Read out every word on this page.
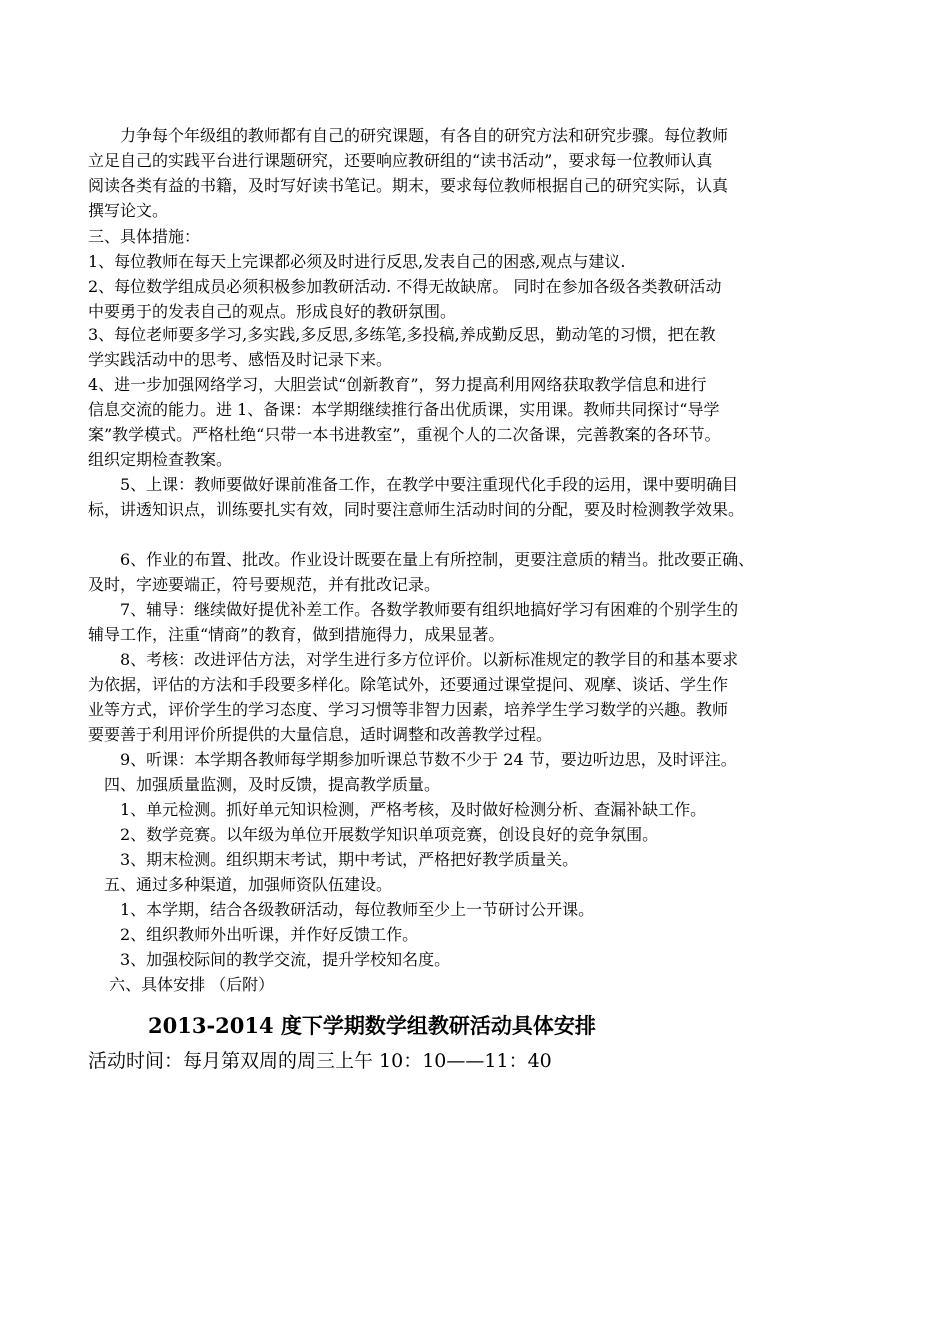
　　力争每个年级组的教师都有自己的研究课题，有各自的研究方法和研究步骤。每位教师
立足自己的实践平台进行课题研究，还要响应教研组的“读书活动”，要求每一位教师认真
阅读各类有益的书籍，及时写好读书笔记。期末，要求每位教师根据自己的研究实际，认真
撰写论文。
三、具体措施：
1、每位教师在每天上完课都必须及时进行反思,发表自己的困惑,观点与建议.
2、每位数学组成员必须积极参加教研活动. 不得无故缺席。 同时在参加各级各类教研活动
中要勇于的发表自己的观点。形成良好的教研氛围。
3、每位老师要多学习,多实践,多反思,多练笔,多投稿,养成勤反思，勤动笔的习惯，把在教
学实践活动中的思考、感悟及时记录下来。
4、进一步加强网络学习，大胆尝试“创新教育”，努力提高利用网络获取教学信息和进行
信息交流的能力。进 1、备课：本学期继续推行备出优质课，实用课。教师共同探讨“导学
案”教学模式。严格杜绝“只带一本书进教室”，重视个人的二次备课，完善教案的各环节。
组织定期检查教案。
　　5、上课：教师要做好课前准备工作，在教学中要注重现代化手段的运用，课中要明确目
标，讲透知识点，训练要扎实有效，同时要注意师生活动时间的分配，要及时检测教学效果。
　　6、作业的布置、批改。作业设计既要在量上有所控制，更要注意质的精当。批改要正确、
及时，字迹要端正，符号要规范，并有批改记录。
　　7、辅导：继续做好提优补差工作。各数学教师要有组织地搞好学习有困难的个别学生的
辅导工作，注重“情商”的教育，做到措施得力，成果显著。
　　8、考核：改进评估方法，对学生进行多方位评价。以新标准规定的教学目的和基本要求
为依据，评估的方法和手段要多样化。除笔试外，还要通过课堂提问、观摩、谈话、学生作
业等方式，评价学生的学习态度、学习习惯等非智力因素，培养学生学习数学的兴趣。教师
要要善于利用评价所提供的大量信息，适时调整和改善教学过程。
　　9、听课：本学期各教师每学期参加听课总节数不少于 24 节，要边听边思，及时评注。
　四、加强质量监测，及时反馈，提高教学质量。
　　1、单元检测。抓好单元知识检测，严格考核，及时做好检测分析、查漏补缺工作。
　　2、数学竞赛。以年级为单位开展数学知识单项竞赛，创设良好的竞争氛围。
　　3、期末检测。组织期末考试，期中考试，严格把好教学质量关。
　五、通过多种渠道，加强师资队伍建设。
　　1、本学期，结合各级教研活动，每位教师至少上一节研讨公开课。
　　2、组织教师外出听课，并作好反馈工作。
　　3、加强校际间的教学交流，提升学校知名度。
　 六、具体安排 （后附）
2013-2014 度下学期数学组教研活动具体安排
活动时间：每月第双周的周三上午 10：10——11：40
